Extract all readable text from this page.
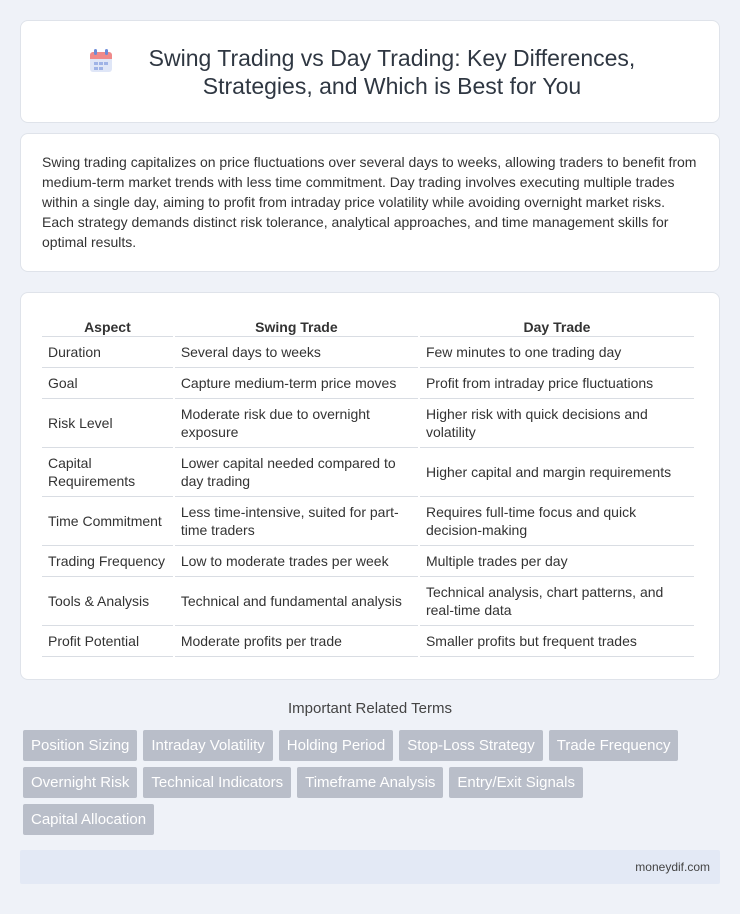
Swing Trading vs Day Trading: Key Differences, Strategies, and Which is Best for You

Swing trading capitalizes on price fluctuations over several days to weeks, allowing traders to benefit from medium-term market trends with less time commitment. Day trading involves executing multiple trades within a single day, aiming to profit from intraday price volatility while avoiding overnight market risks. Each strategy demands distinct risk tolerance, analytical approaches, and time management skills for optimal results.

Aspect	Swing Trade	Day Trade
Duration	Several days to weeks	Few minutes to one trading day
Goal	Capture medium-term price moves	Profit from intraday price fluctuations
Risk Level	Moderate risk due to overnight exposure	Higher risk with quick decisions and volatility
Capital Requirements	Lower capital needed compared to day trading	Higher capital and margin requirements
Time Commitment	Less time-intensive, suited for part-time traders	Requires full-time focus and quick decision-making
Trading Frequency	Low to moderate trades per week	Multiple trades per day
Tools & Analysis	Technical and fundamental analysis	Technical analysis, chart patterns, and real-time data
Profit Potential	Moderate profits per trade	Smaller profits but frequent trades
Important Related Terms
Position Sizing	Intraday Volatility	Holding Period	Stop-Loss Strategy	Trade Frequency
Overnight Risk	Technical Indicators	Timeframe Analysis	Entry/Exit Signals
Capital Allocation
moneydif.com
